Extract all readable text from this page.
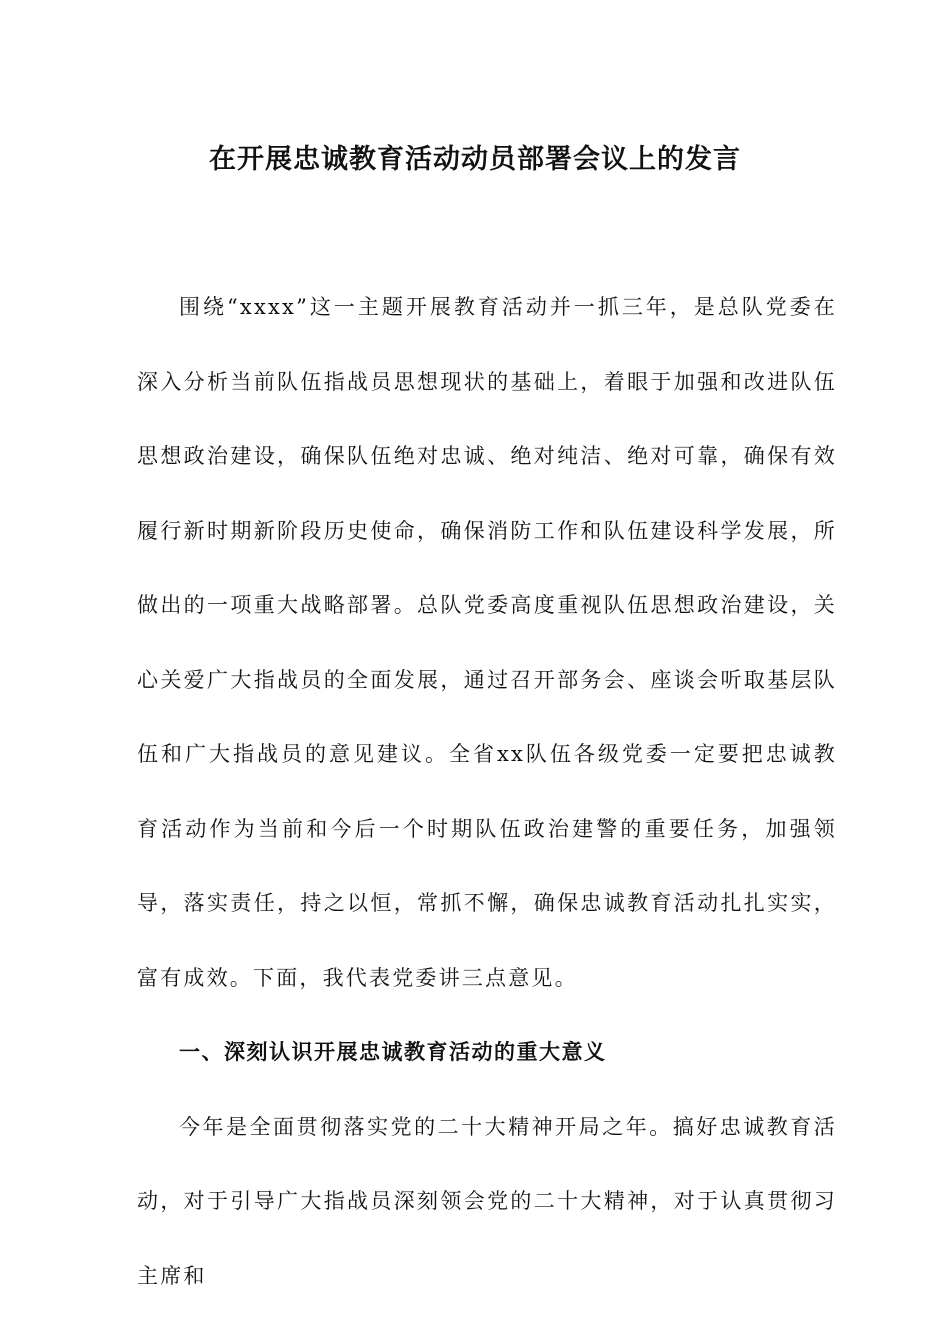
在开展忠诚教育活动动员部署会议上的发言

围绕“xxxx”这一主题开展教育活动并一抓三年，是总队党委在深入分析当前队伍指战员思想现状的基础上，着眼于加强和改进队伍思想政治建设，确保队伍绝对忠诚、绝对纯洁、绝对可靠，确保有效履行新时期新阶段历史使命，确保消防工作和队伍建设科学发展，所做出的一项重大战略部署。总队党委高度重视队伍思想政治建设，关心关爱广大指战员的全面发展，通过召开部务会、座谈会听取基层队伍和广大指战员的意见建议。全省xx队伍各级党委一定要把忠诚教育活动作为当前和今后一个时期队伍政治建警的重要任务，加强领导，落实责任，持之以恒，常抓不懈，确保忠诚教育活动扎扎实实，富有成效。下面，我代表党委讲三点意见。

一、深刻认识开展忠诚教育活动的重大意义

今年是全面贯彻落实党的二十大精神开局之年。搞好忠诚教育活动，对于引导广大指战员深刻领会党的二十大精神，对于认真贯彻习主席和
